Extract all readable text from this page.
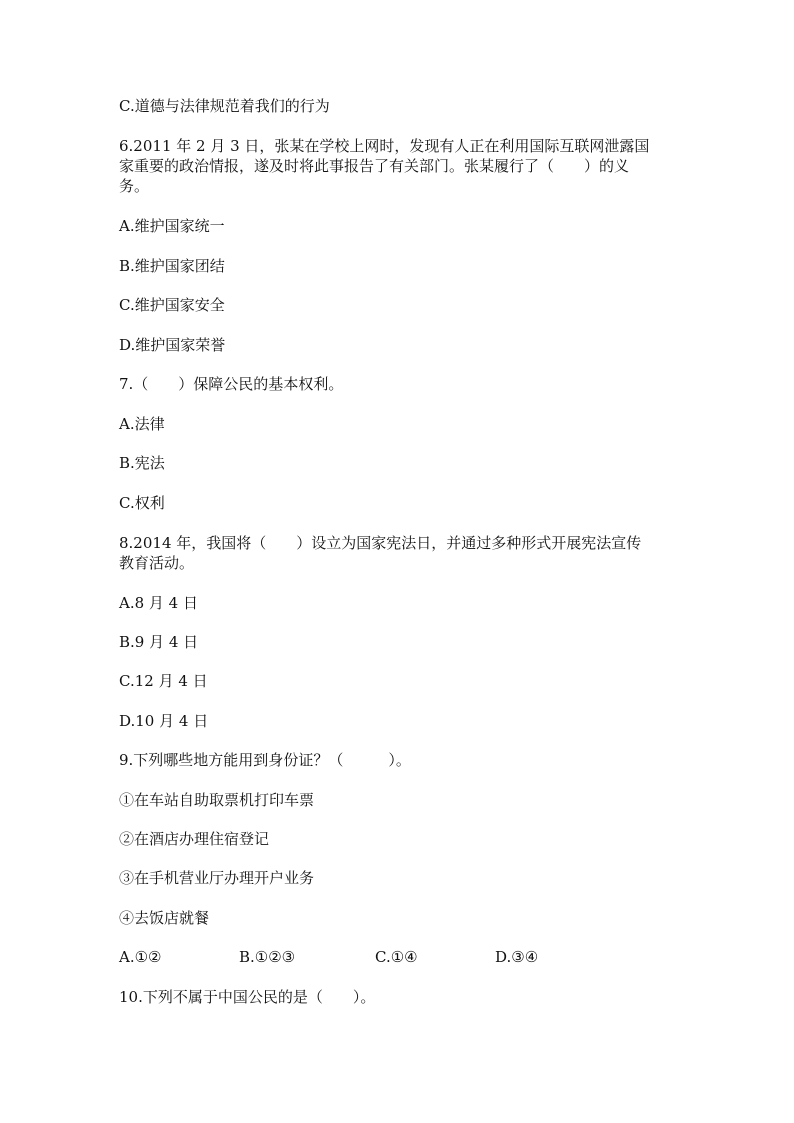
C.道德与法律规范着我们的行为
6.2011 年 2 月 3 日，张某在学校上网时，发现有人正在利用国际互联网泄露国
家重要的政治情报，遂及时将此事报告了有关部门。张某履行了（　　）的义
务。
A.维护国家统一
B.维护国家团结
C.维护国家安全
D.维护国家荣誉
7.（　　）保障公民的基本权利。
A.法律
B.宪法
C.权利
8.2014 年，我国将（　　）设立为国家宪法日，并通过多种形式开展宪法宣传
教育活动。
A.8 月 4 日
B.9 月 4 日
C.12 月 4 日
D.10 月 4 日
9.下列哪些地方能用到身份证？（　　　）。
①在车站自助取票机打印车票
②在酒店办理住宿登记
③在手机营业厅办理开户业务
④去饭店就餐
A.①②	B.①②③	C.①④	D.③④
10.下列不属于中国公民的是（　　）。
